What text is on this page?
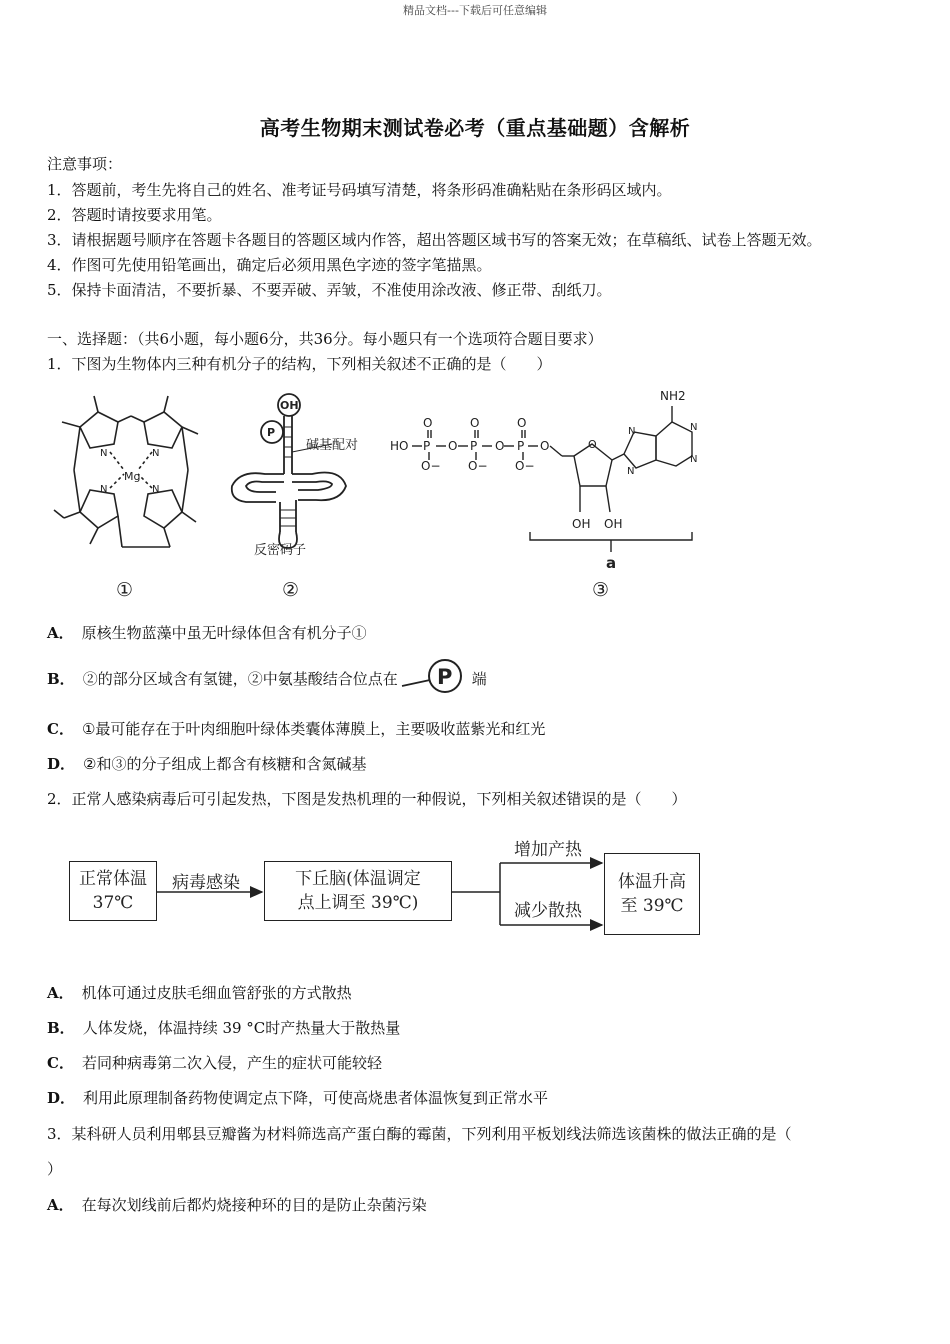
精品文档---下载后可任意编辑
高考生物期末测试卷必考（重点基础题）含解析
注意事项：
1．答题前，考生先将自己的姓名、准考证号码填写清楚，将条形码准确粘贴在条形码区域内。
2．答题时请按要求用笔。
3．请根据题号顺序在答题卡各题目的答题区域内作答，超出答题区域书写的答案无效；在草稿纸、试卷上答题无效。
4．作图可先使用铅笔画出，确定后必须用黑色字迹的签字笔描黑。
5．保持卡面清洁，不要折暴、不要弄破、弄皱，不准使用涂改液、修正带、刮纸刀。
一、选择题：（共6小题，每小题6分，共36分。每小题只有一个选项符合题目要求）
1．下图为生物体内三种有机分子的结构，下列相关叙述不正确的是（　　）
Mg
N	N
N	N
OH
P
碱基配对
反密码子
HO	O	O	O
O	O	O
O− O− O−
NH2
OH OH
P	P	P	O
N
N	N
N
a
①	②	③
A． 原核生物蓝藻中虽无叶绿体但含有机分子①
B． ②的部分区域含有氢键，②中氨基酸结合位点在 P 端
C． ①最可能存在于叶肉细胞叶绿体类囊体薄膜上，主要吸收蓝紫光和红光
D． ②和③的分子组成上都含有核糖和含氮碱基
2．正常人感染病毒后可引起发热，下图是发热机理的一种假说，下列相关叙述错误的是（　　）
正常体温
37℃
病毒感染	下丘脑(体温调定
点上调至 39℃)
增加产热
减少散热
体温升高
至 39℃
A． 机体可通过皮肤毛细血管舒张的方式散热
B． 人体发烧，体温持续 39 °C时产热量大于散热量
C． 若同种病毒第二次入侵，产生的症状可能较轻
D． 利用此原理制备药物使调定点下降，可使高烧患者体温恢复到正常水平
3．某科研人员利用郫县豆瓣酱为材料筛选高产蛋白酶的霉菌，下列利用平板划线法筛选该菌株的做法正确的是（
）
A． 在每次划线前后都灼烧接种环的目的是防止杂菌污染
